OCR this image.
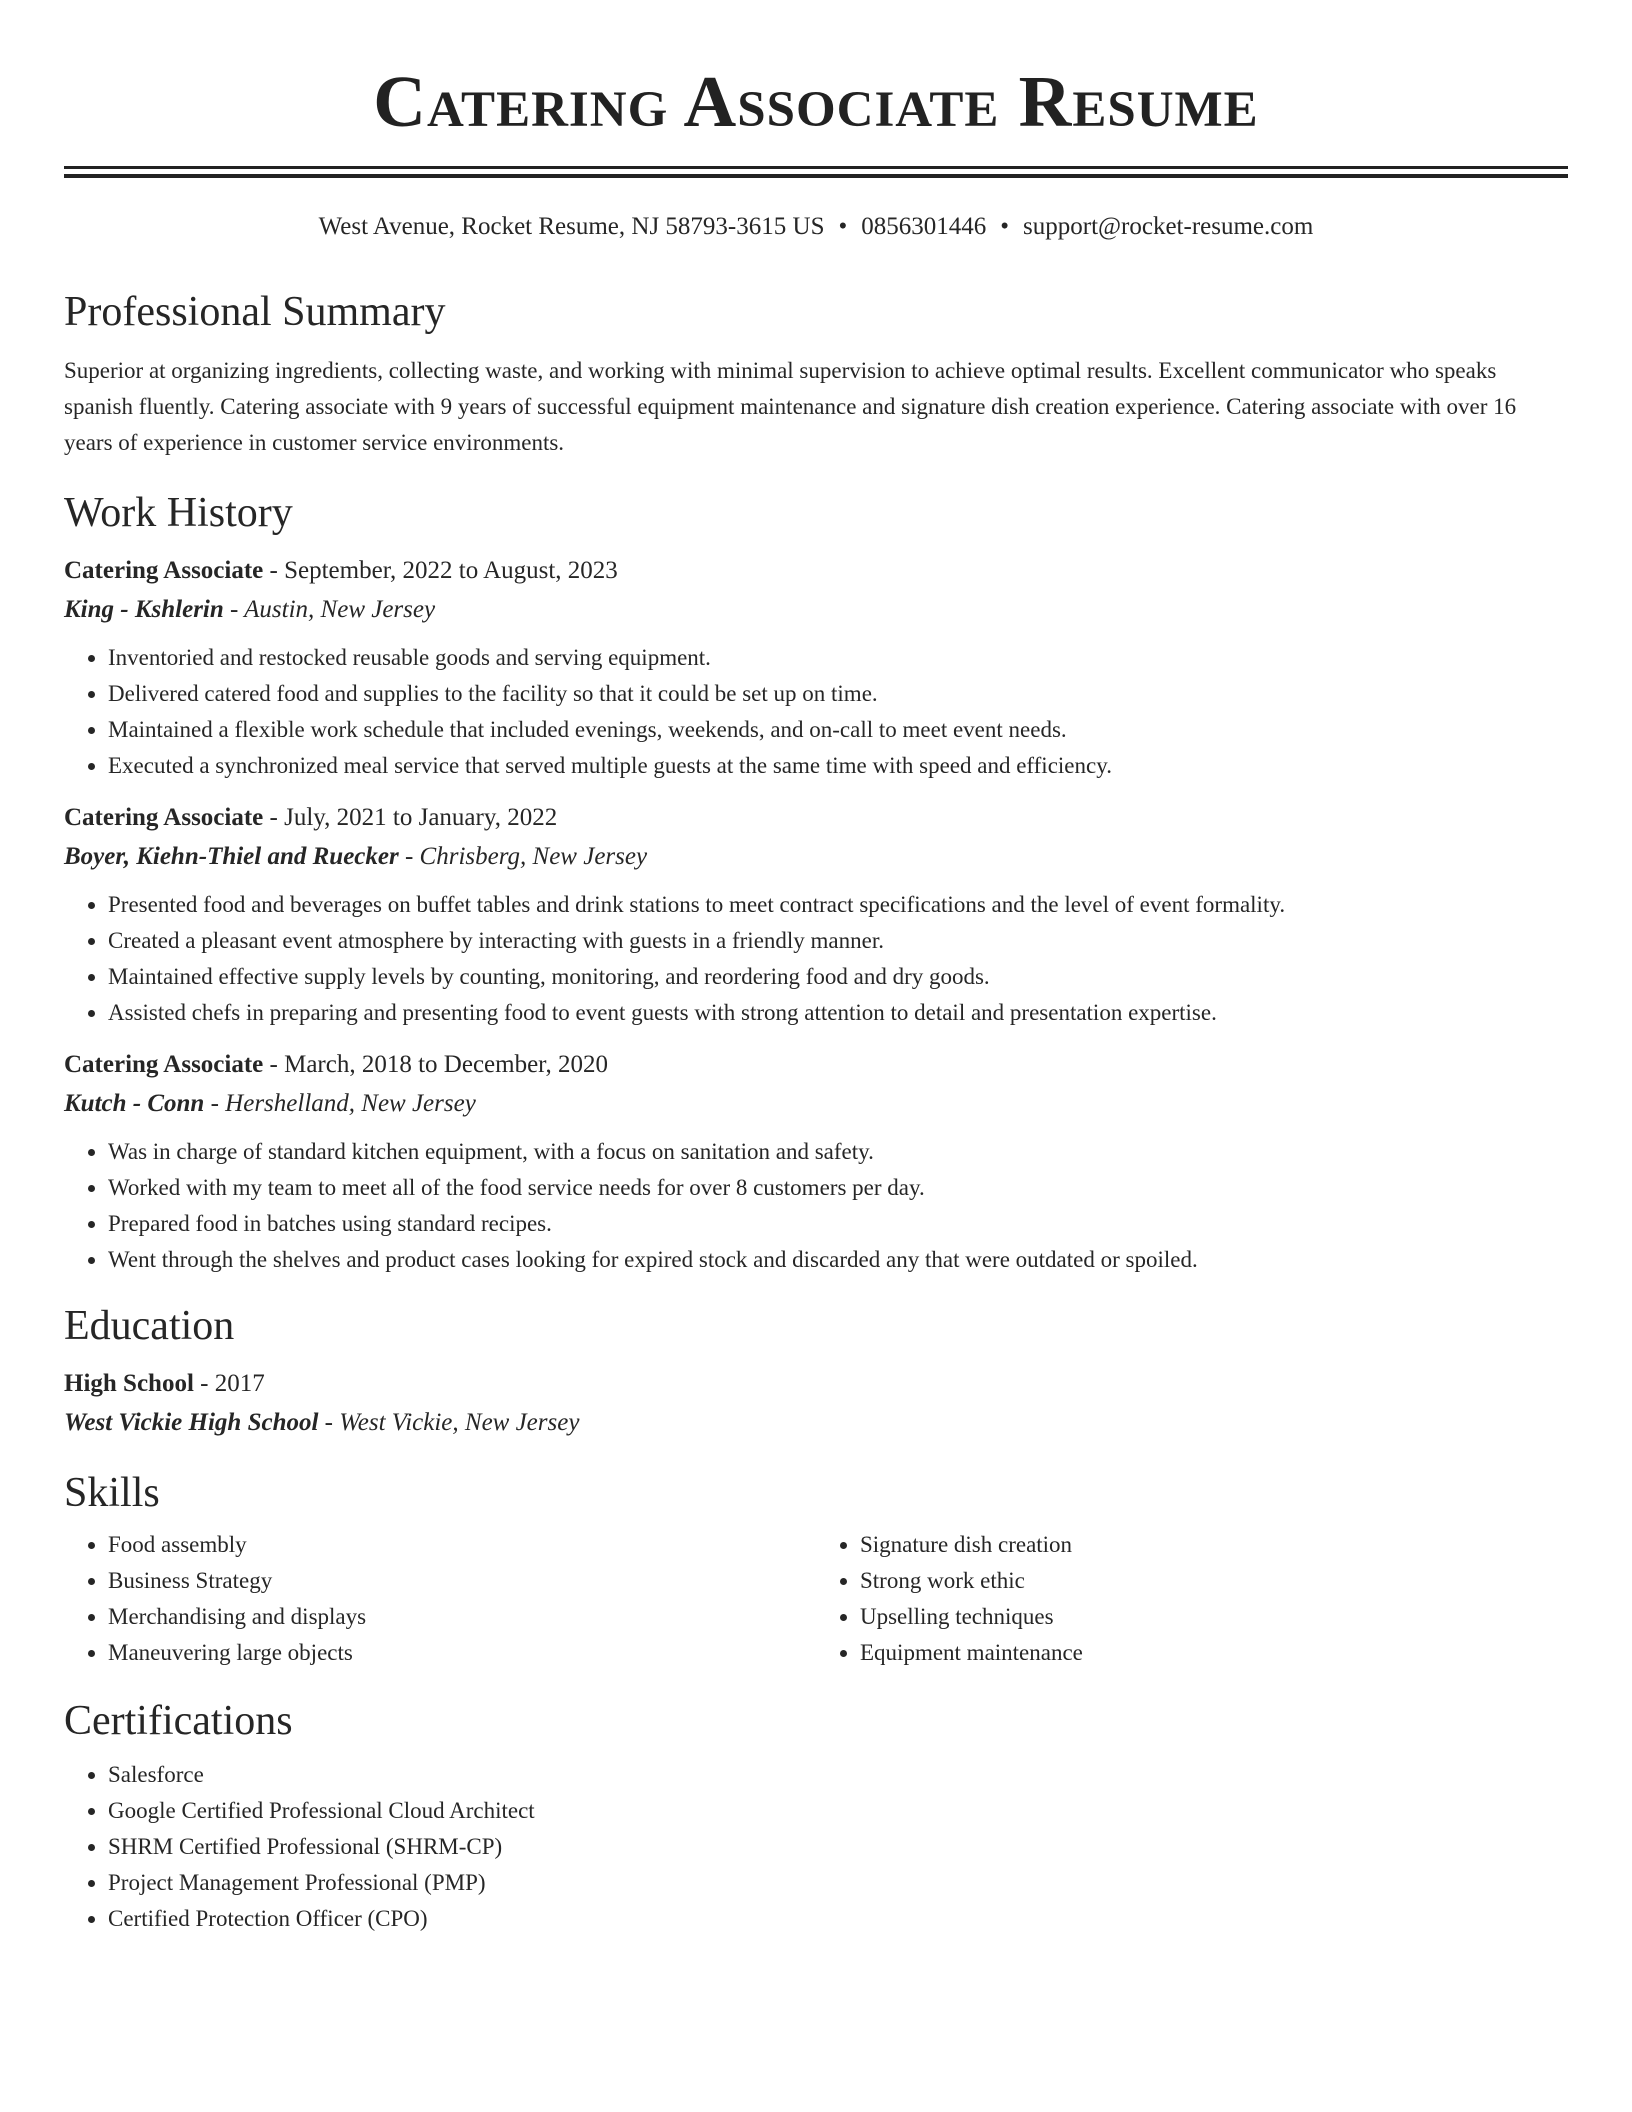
Catering Associate Resume
West Avenue, Rocket Resume, NJ 58793-3615 US • 0856301446 • support@rocket-resume.com
Professional Summary

Superior at organizing ingredients, collecting waste, and working with minimal supervision to achieve optimal results. Excellent communicator who speaks spanish fluently. Catering associate with 9 years of successful equipment maintenance and signature dish creation experience. Catering associate with over 16 years of experience in customer service environments.

Work History
Catering Associate - September, 2022 to August, 2023
King - Kshlerin - Austin, New Jersey
• Inventoried and restocked reusable goods and serving equipment.
• Delivered catered food and supplies to the facility so that it could be set up on time.
• Maintained a flexible work schedule that included evenings, weekends, and on-call to meet event needs.
• Executed a synchronized meal service that served multiple guests at the same time with speed and efficiency.
Catering Associate - July, 2021 to January, 2022
Boyer, Kiehn-Thiel and Ruecker - Chrisberg, New Jersey
• Presented food and beverages on buffet tables and drink stations to meet contract specifications and the level of event formality.
• Created a pleasant event atmosphere by interacting with guests in a friendly manner.
• Maintained effective supply levels by counting, monitoring, and reordering food and dry goods.
• Assisted chefs in preparing and presenting food to event guests with strong attention to detail and presentation expertise.
Catering Associate - March, 2018 to December, 2020
Kutch - Conn - Hershelland, New Jersey
• Was in charge of standard kitchen equipment, with a focus on sanitation and safety.
• Worked with my team to meet all of the food service needs for over 8 customers per day.
• Prepared food in batches using standard recipes.
• Went through the shelves and product cases looking for expired stock and discarded any that were outdated or spoiled.
Education
High School - 2017
West Vickie High School - West Vickie, New Jersey
Skills
• Food assembly
• Business Strategy
• Merchandising and displays
• Maneuvering large objects
• Signature dish creation
• Strong work ethic
• Upselling techniques
• Equipment maintenance
Certifications
• Salesforce
• Google Certified Professional Cloud Architect
• SHRM Certified Professional (SHRM-CP)
• Project Management Professional (PMP)
• Certified Protection Officer (CPO)
